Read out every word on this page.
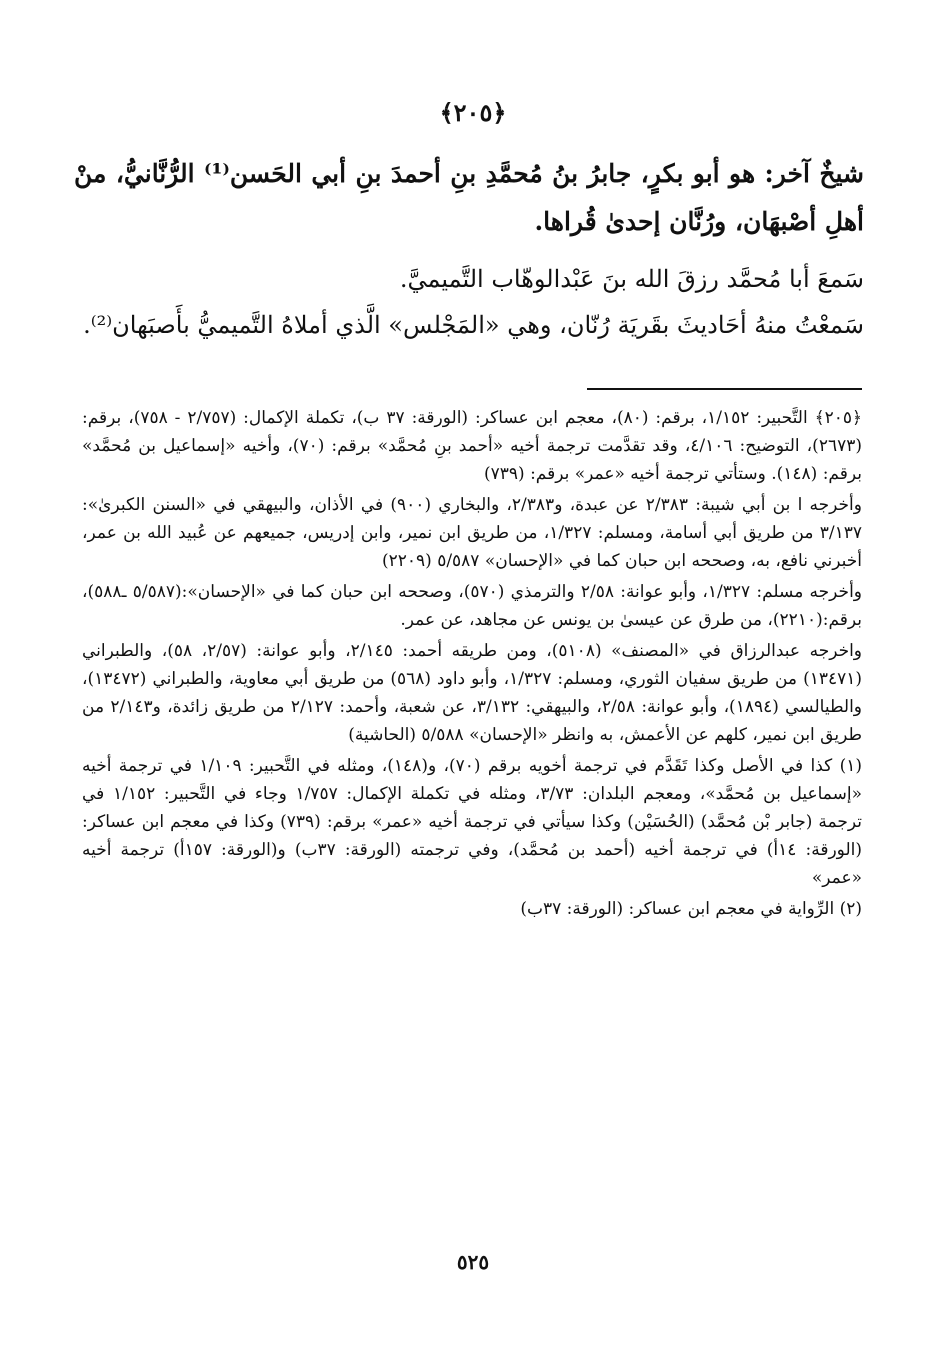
﴿٢٠٥﴾

شيخٌ آخر: هو أبو بكرٍ، جابرُ بنُ مُحمَّدِ بنِ أحمدَ بنِ أبي الحَسن⁽¹⁾ الرُّنَّانيُّ، منْ أهلِ أصْبهَان، ورُنَّان إحدىٰ قُراها.

سَمعَ أبا مُحمَّد رزقَ الله بنَ عَبْدالوهّاب التَّميميَّ.

سَمعْتُ منهُ أحَاديثَ بقَريَة رُنّان، وهي «المَجْلس» الَّذي أملاهُ التَّميميُّ بأَصبَهان⁽²⁾.

﴿٢٠٥﴾ التَّحبير: ١/١٥٢، برقم: (٨٠)، معجم ابن عساكر: (الورقة: ٣٧ ب)، تكملة الإكمال: (٢/٧٥٧ - ٧٥٨)، برقم: (٢٦٧٣)، التوضيح: ٤/١٠٦، وقد تقدَّمت ترجمة أخيه «أحمد بنِ مُحمَّد» برقم: (٧٠)، وأخيه «إسماعيل بن مُحمَّد» برقم: (١٤٨). وستأتي ترجمة أخيه «عمر» برقم: (٧٣٩)

وأخرجه ا بن أبي شيبة: ٢/٣٨٣ عن عبدة، و٢/٣٨٣، والبخاري (٩٠٠) في الأذان، والبيهقي في «السنن الكبرىٰ»: ٣/١٣٧ من طريق أبي أسامة، ومسلم: ١/٣٢٧، من طريق ابن نمير، وابن إدريس، جميعهم عن عُبيد الله بن عمر، أخبرني نافع، به، وصححه ابن حبان كما في «الإحسان» ٥/٥٨٧ (٢٢٠٩)

وأخرجه مسلم: ١/٣٢٧، وأبو عوانة: ٢/٥٨ والترمذي (٥٧٠)، وصححه ابن حبان كما في «الإحسان»:(٥/٥٨٧ ـ٥٨٨)، برقم:(٢٢١٠)، من طرق عن عيسىٰ بن يونس عن مجاهد، عن عمر.

واخرجه عبدالرزاق في «المصنف» (٥١٠٨)، ومن طريقه أحمد: ٢/١٤٥، وأبو عوانة: (٢/٥٧، ٥٨)، والطبراني (١٣٤٧١) من طريق سفيان الثوري، ومسلم: ١/٣٢٧، وأبو داود (٥٦٨) من طريق أبي معاوية، والطبراني (١٣٤٧٢)، والطيالسي (١٨٩٤)، وأبو عوانة: ٢/٥٨، والبيهقي: ٣/١٣٢، عن شعبة، وأحمد: ٢/١٢٧ من طريق زائدة، و٢/١٤٣ من طريق ابن نمير، كلهم عن الأعمش، به وانظر «الإحسان» ٥/٥٨٨ (الحاشية)

(١) كذا في الأصل وكذا تَقَدَّم في ترجمة أخويه برقم (٧٠)، و(١٤٨)، ومثله في التَّحبير: ١/١٠٩ في ترجمة أخيه «إسماعيل بن مُحمَّد»، ومعجم البلدان: ٣/٧٣، ومثله في تكملة الإكمال: ١/٧٥٧ وجاء في التَّحبير: ١/١٥٢ في ترجمة (جابر بْن مُحمَّد) (الحُسَيْن) وكذا سيأتي في ترجمة أخيه «عمر» برقم: (٧٣٩) وكذا في معجم ابن عساكر: (الورقة: ١٤أ) في ترجمة أخيه (أحمد بن مُحمَّد)، وفي ترجمته (الورقة: ٣٧ب) و(الورقة: ١٥٧أ) ترجمة أخيه «عمر»

(٢) الرِّواية في معجم ابن عساكر: (الورقة: ٣٧ب)

٥٢٥
